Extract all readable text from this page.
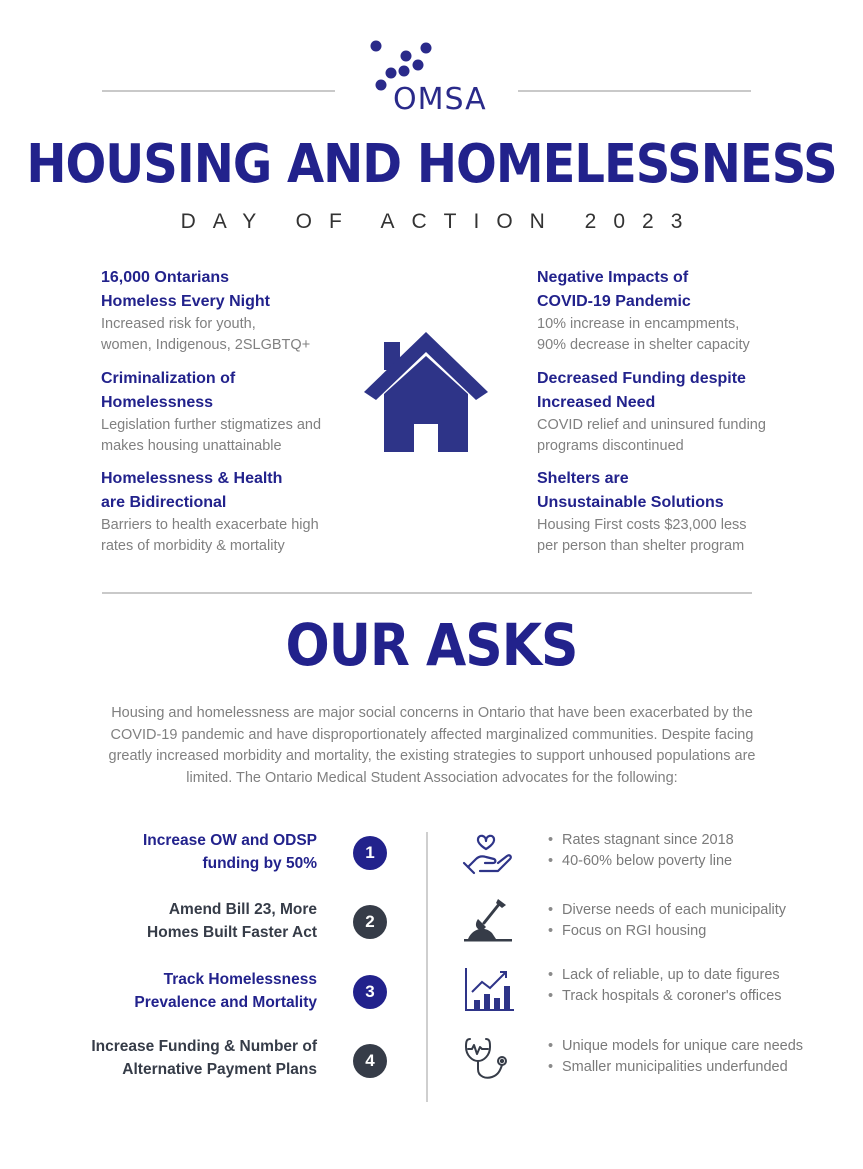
OMSA
HOUSING AND HOMELESSNESS
DAY OF ACTION 2023
16,000 Ontarians
Homeless Every Night
Increased risk for youth,
women, Indigenous, 2SLGBTQ+
Criminalization of
Homelessness
Legislation further stigmatizes and
makes housing unattainable
Homelessness & Health
are Bidirectional
Barriers to health exacerbate high
rates of morbidity & mortality
Negative Impacts of
COVID-19 Pandemic
10% increase in encampments,
90% decrease in shelter capacity
Decreased Funding despite
Increased Need
COVID relief and uninsured funding
programs discontinued
Shelters are
Unsustainable Solutions
Housing First costs $23,000 less
per person than shelter program
OUR ASKS
Housing and homelessness are major social concerns in Ontario that have been exacerbated by the COVID-19 pandemic and have disproportionately affected marginalized communities. Despite facing greatly increased morbidity and mortality, the existing strategies to support unhoused populations are limited. The Ontario Medical Student Association advocates for the following:
Increase OW and ODSP
funding by 50%
1
• Rates stagnant since 2018
• 40-60% below poverty line
Amend Bill 23, More
Homes Built Faster Act
2
• Diverse needs of each municipality
• Focus on RGI housing
Track Homelessness
Prevalence and Mortality
3
• Lack of reliable, up to date figures
• Track hospitals & coroner's offices
Increase Funding & Number of
Alternative Payment Plans	4
• Unique models for unique care needs
• Smaller municipalities underfunded
